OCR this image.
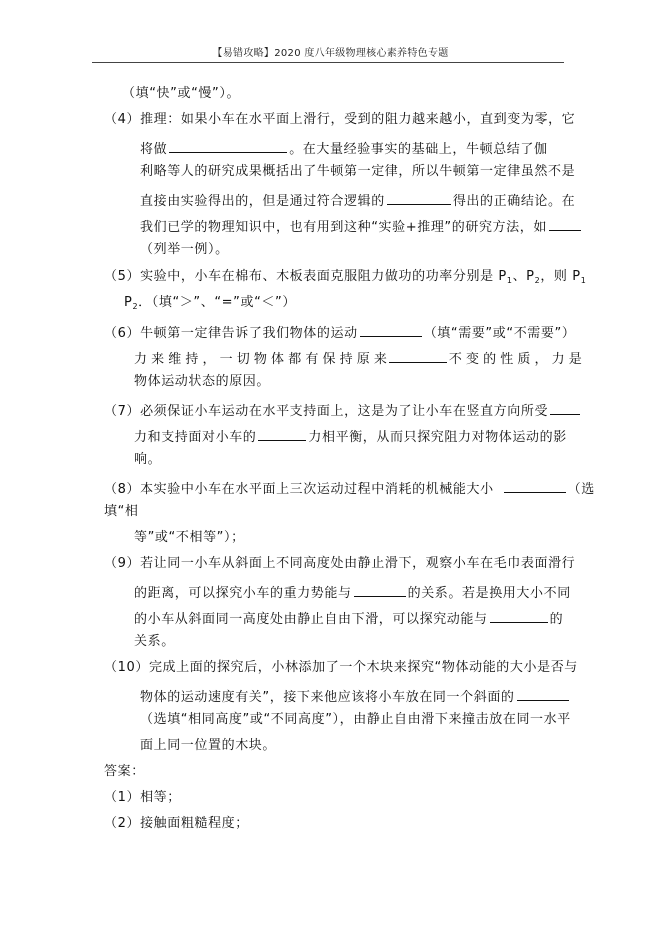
【易错攻略】2020 度八年级物理核心素养特色专题
（填“快”或“慢”）。
（4）推理：如果小车在水平面上滑行，受到的阻力越来越小，直到变为零，它
将做	。在大量经验事实的基础上，牛顿总结了伽
利略等人的研究成果概括出了牛顿第一定律，所以牛顿第一定律虽然不是
直接由实验得出的，但是通过符合逻辑的	得出的正确结论。在
我们已学的物理知识中，也有用到这种“实验+推理”的研究方法，如
（列举一例）。
（5）实验中，小车在棉布、木板表面克服阻力做功的功率分别是 $P_1$、$P_2$，则 $P_1$
$P_2$．（填“＞”、“=”或“＜”）
（6）牛顿第一定律告诉了我们物体的运动	（填“需要”或“不需要”）
力 来 维 持 ， 一 切 物 体 都 有 保 持 原 来	不 变 的 性 质 ， 力 是
物体运动状态的原因。
（7）必须保证小车运动在水平支持面上，这是为了让小车在竖直方向所受
力和支持面对小车的	力相平衡，从而只探究阻力对物体运动的影
响。
（8）本实验中小车在水平面上三次运动过程中消耗的机械能大小	（选
填“相
等”或“不相等”）；
（9）若让同一小车从斜面上不同高度处由静止滑下，观察小车在毛巾表面滑行
的距离，可以探究小车的重力势能与	的关系。若是换用大小不同
的小车从斜面同一高度处由静止自由下滑，可以探究动能与	的
关系。
（10）完成上面的探究后，小林添加了一个木块来探究“物体动能的大小是否与
物体的运动速度有关”，接下来他应该将小车放在同一个斜面的
（选填“相同高度”或“不同高度”），由静止自由滑下来撞击放在同一水平
面上同一位置的木块。
答案：
（1）相等；
（2）接触面粗糙程度；
